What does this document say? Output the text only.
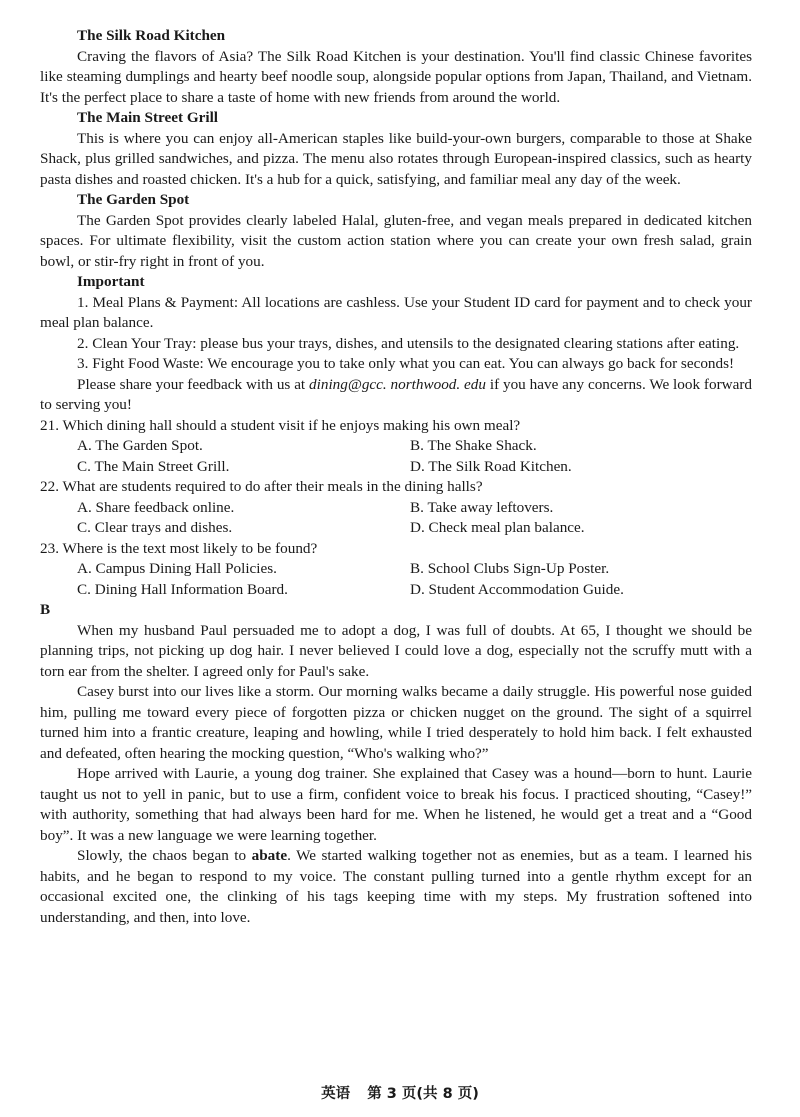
The Silk Road Kitchen

Craving the flavors of Asia? The Silk Road Kitchen is your destination. You'll find classic Chinese favorites like steaming dumplings and hearty beef noodle soup, alongside popular options from Japan, Thailand, and Vietnam. It's the perfect place to share a taste of home with new friends from around the world.

The Main Street Grill

This is where you can enjoy all-American staples like build-your-own burgers, comparable to those at Shake Shack, plus grilled sandwiches, and pizza. The menu also rotates through European-inspired classics, such as hearty pasta dishes and roasted chicken. It's a hub for a quick, satisfying, and familiar meal any day of the week.

The Garden Spot

The Garden Spot provides clearly labeled Halal, gluten-free, and vegan meals prepared in dedicated kitchen spaces. For ultimate flexibility, visit the custom action station where you can create your own fresh salad, grain bowl, or stir-fry right in front of you.

Important

1. Meal Plans & Payment: All locations are cashless. Use your Student ID card for payment and to check your meal plan balance.

2. Clean Your Tray: please bus your trays, dishes, and utensils to the designated clearing stations after eating.

3. Fight Food Waste: We encourage you to take only what you can eat. You can always go back for seconds!

Please share your feedback with us at dining@gcc. northwood. edu if you have any concerns. We look forward to serving you!

21. Which dining hall should a student visit if he enjoys making his own meal?

A. The Garden Spot.	B. The Shake Shack.
C. The Main Street Grill.	D. The Silk Road Kitchen.

22. What are students required to do after their meals in the dining halls?

A. Share feedback online.	B. Take away leftovers.
C. Clear trays and dishes.	D. Check meal plan balance.

23. Where is the text most likely to be found?

A. Campus Dining Hall Policies.	B. School Clubs Sign-Up Poster.
C. Dining Hall Information Board.	D. Student Accommodation Guide.

B

When my husband Paul persuaded me to adopt a dog, I was full of doubts. At 65, I thought we should be planning trips, not picking up dog hair. I never believed I could love a dog, especially not the scruffy mutt with a torn ear from the shelter. I agreed only for Paul's sake.

Casey burst into our lives like a storm. Our morning walks became a daily struggle. His powerful nose guided him, pulling me toward every piece of forgotten pizza or chicken nugget on the ground. The sight of a squirrel turned him into a frantic creature, leaping and howling, while I tried desperately to hold him back. I felt exhausted and defeated, often hearing the mocking question, “Who's walking who?”

Hope arrived with Laurie, a young dog trainer. She explained that Casey was a hound—born to hunt. Laurie taught us not to yell in panic, but to use a firm, confident voice to break his focus. I practiced shouting, “Casey!” with authority, something that had always been hard for me. When he listened, he would get a treat and a “Good boy”. It was a new language we were learning together.

Slowly, the chaos began to abate. We started walking together not as enemies, but as a team. I learned his habits, and he began to respond to my voice. The constant pulling turned into a gentle rhythm except for an occasional excited one, the clinking of his tags keeping time with my steps. My frustration softened into understanding, and then, into love.

英语 第 3 页(共 8 页)
